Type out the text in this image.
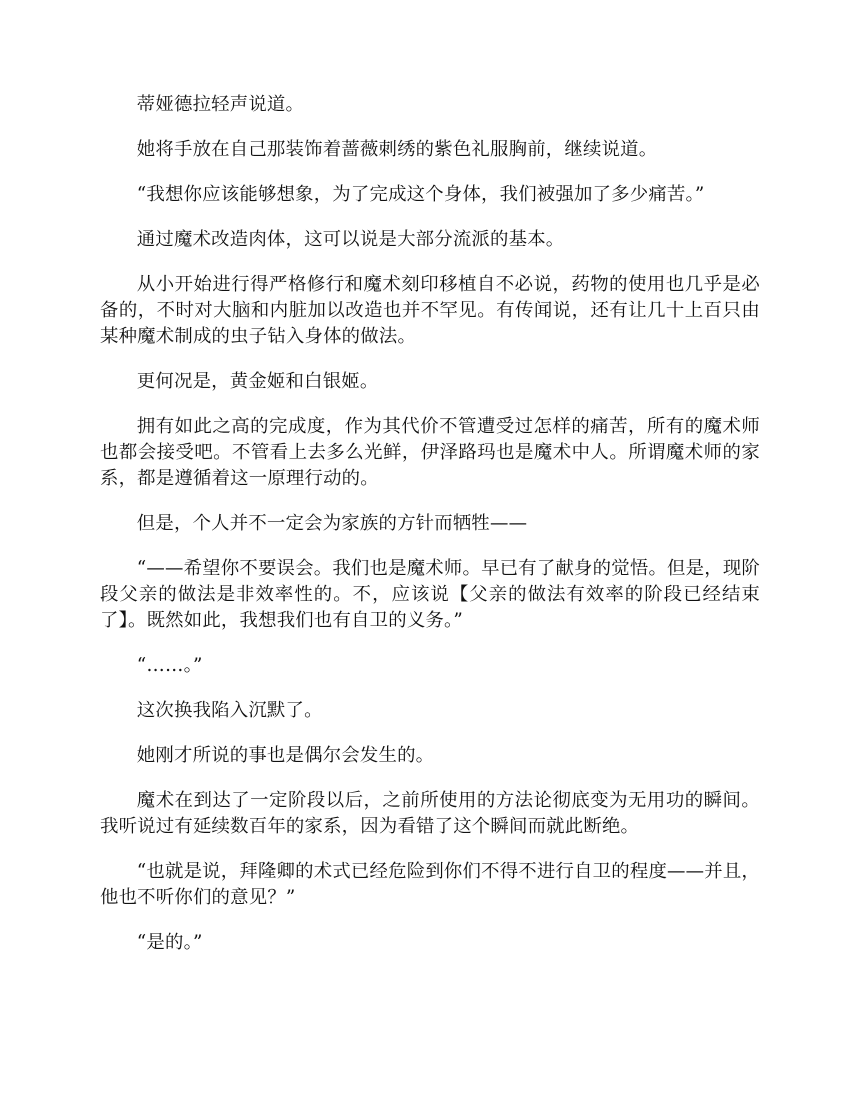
蒂娅德拉轻声说道。

她将手放在自己那装饰着蔷薇刺绣的紫色礼服胸前，继续说道。

“我想你应该能够想象，为了完成这个身体，我们被强加了多少痛苦。”

通过魔术改造肉体，这可以说是大部分流派的基本。

从小开始进行得严格修行和魔术刻印移植自不必说，药物的使用也几乎是必备的，不时对大脑和内脏加以改造也并不罕见。有传闻说，还有让几十上百只由某种魔术制成的虫子钻入身体的做法。

更何况是，黄金姬和白银姬。

拥有如此之高的完成度，作为其代价不管遭受过怎样的痛苦，所有的魔术师也都会接受吧。不管看上去多么光鲜，伊泽路玛也是魔术中人。所谓魔术师的家系，都是遵循着这一原理行动的。

但是，个人并不一定会为家族的方针而牺牲——

“——希望你不要误会。我们也是魔术师。早已有了献身的觉悟。但是，现阶段父亲的做法是非效率性的。不，应该说【父亲的做法有效率的阶段已经结束了】。既然如此，我想我们也有自卫的义务。”

“……。”

这次换我陷入沉默了。

她刚才所说的事也是偶尔会发生的。

魔术在到达了一定阶段以后，之前所使用的方法论彻底变为无用功的瞬间。我听说过有延续数百年的家系，因为看错了这个瞬间而就此断绝。

“也就是说，拜隆卿的术式已经危险到你们不得不进行自卫的程度——并且，他也不听你们的意见？”

“是的。”
